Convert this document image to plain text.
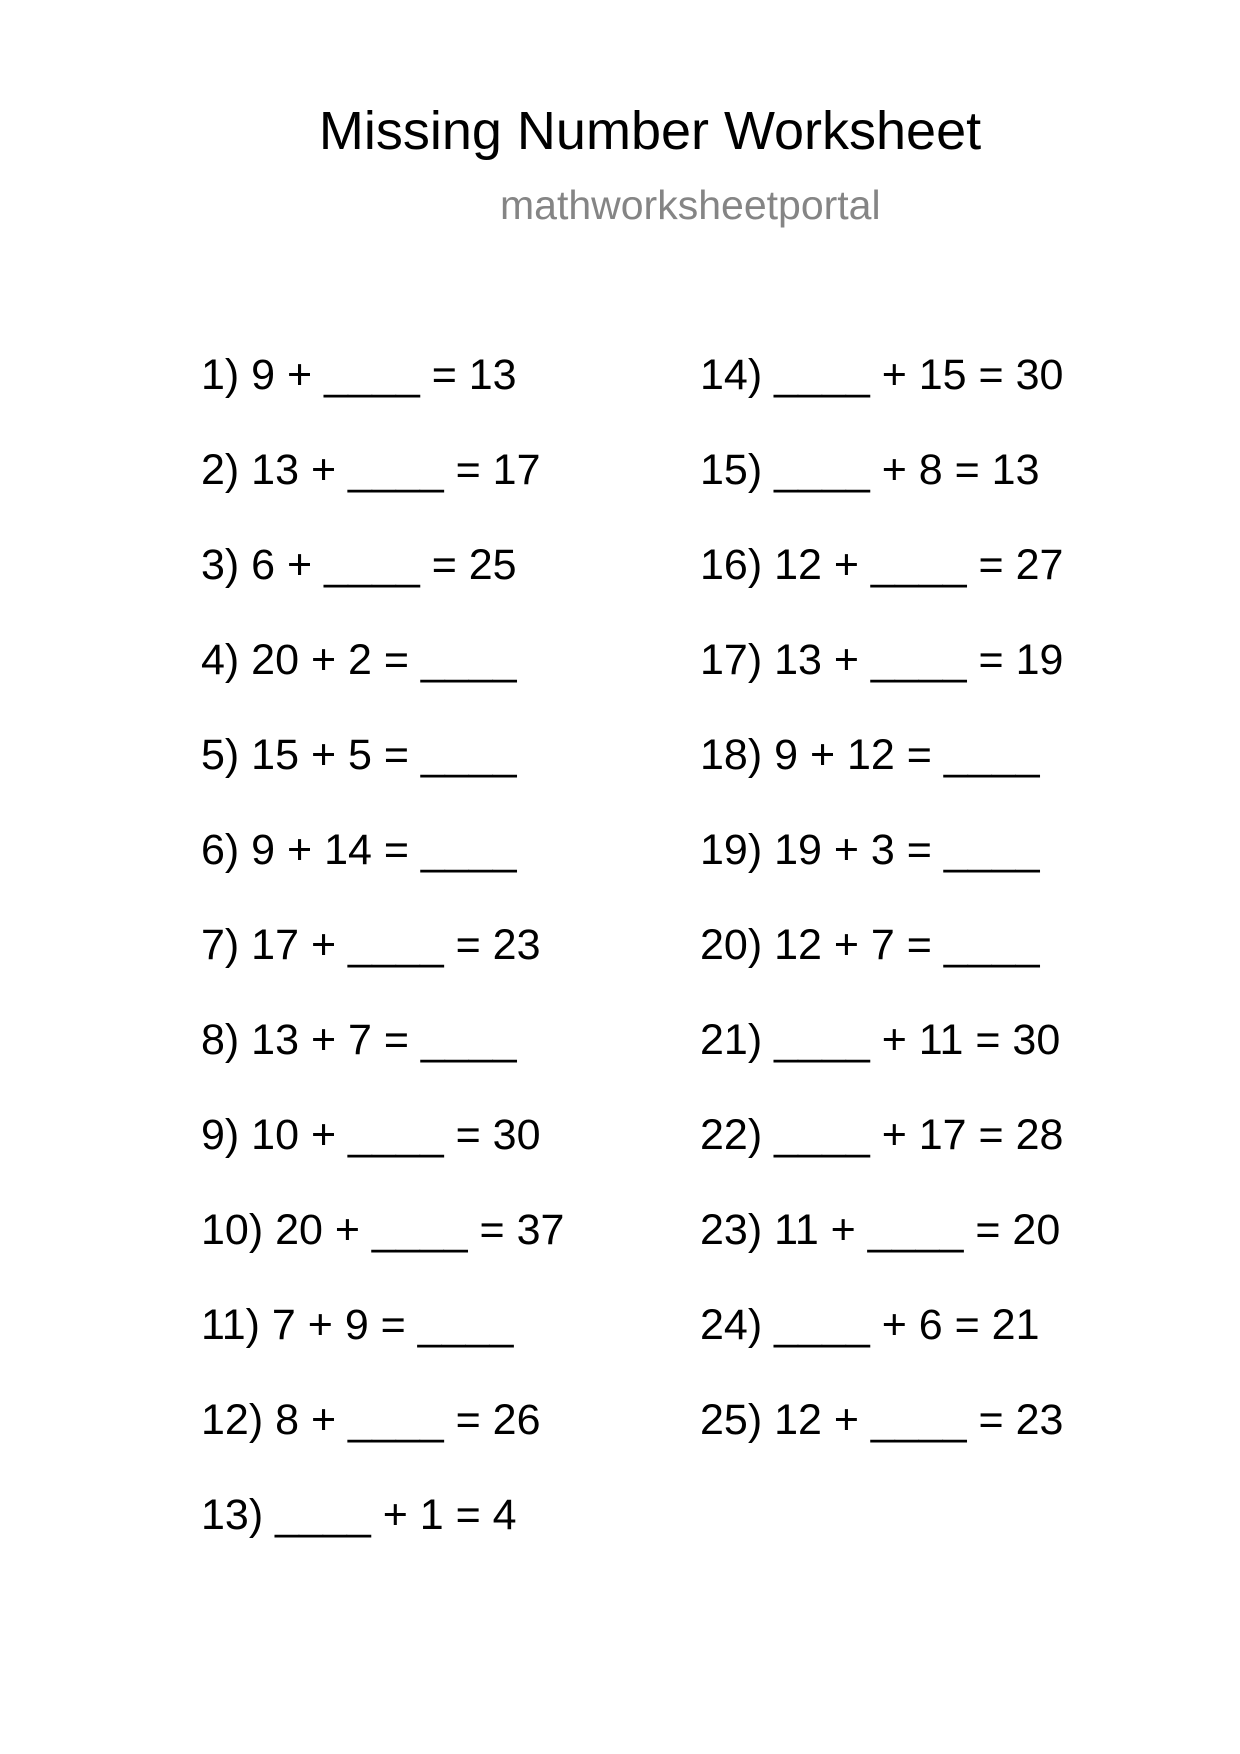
Missing Number Worksheet
mathworksheetportal
1) 9 + ____ = 13
2) 13 + ____ = 17
3) 6 + ____ = 25
4) 20 + 2 = ____
5) 15 + 5 = ____
6) 9 + 14 = ____
7) 17 + ____ = 23
8) 13 + 7 = ____
9) 10 + ____ = 30
10) 20 + ____ = 37
11) 7 + 9 = ____
12) 8 + ____ = 26
13) ____ + 1 = 4
14) ____ + 15 = 30
15) ____ + 8 = 13
16) 12 + ____ = 27
17) 13 + ____ = 19
18) 9 + 12 = ____
19) 19 + 3 = ____
20) 12 + 7 = ____
21) ____ + 11 = 30
22) ____ + 17 = 28
23) 11 + ____ = 20
24) ____ + 6 = 21
25) 12 + ____ = 23
